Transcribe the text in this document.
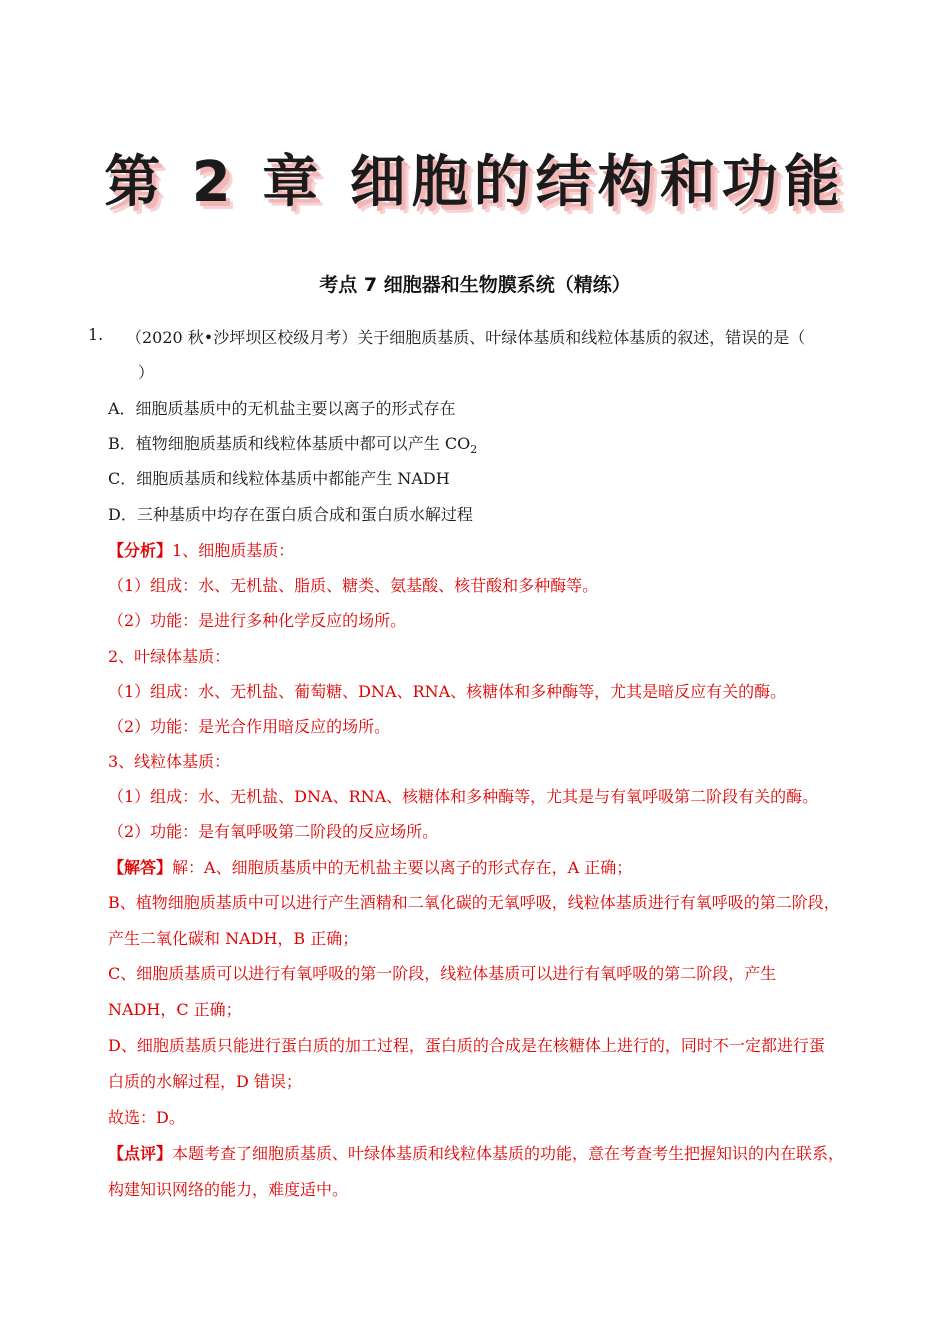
第 2 章 细胞的结构和功能
考点 7 细胞器和生物膜系统（精练）
1. （2020 秋•沙坪坝区校级月考）关于细胞质基质、叶绿体基质和线粒体基质的叙述，错误的是（
）
A．细胞质基质中的无机盐主要以离子的形式存在
B．植物细胞质基质和线粒体基质中都可以产生 $CO_2$
C．细胞质基质和线粒体基质中都能产生 NADH
D．三种基质中均存在蛋白质合成和蛋白质水解过程
【分析】1、细胞质基质：
（1）组成：水、无机盐、脂质、糖类、氨基酸、核苷酸和多种酶等。
（2）功能：是进行多种化学反应的场所。
2、叶绿体基质：
（1）组成：水、无机盐、葡萄糖、DNA、RNA、核糖体和多种酶等，尤其是暗反应有关的酶。
（2）功能：是光合作用暗反应的场所。
3、线粒体基质：
（1）组成：水、无机盐、DNA、RNA、核糖体和多种酶等，尤其是与有氧呼吸第二阶段有关的酶。
（2）功能：是有氧呼吸第二阶段的反应场所。
【解答】解：A、细胞质基质中的无机盐主要以离子的形式存在，A 正确；
B、植物细胞质基质中可以进行产生酒精和二氧化碳的无氧呼吸，线粒体基质进行有氧呼吸的第二阶段，
产生二氧化碳和 NADH，B 正确；
C、细胞质基质可以进行有氧呼吸的第一阶段，线粒体基质可以进行有氧呼吸的第二阶段，产生
NADH，C 正确；
D、细胞质基质只能进行蛋白质的加工过程，蛋白质的合成是在核糖体上进行的，同时不一定都进行蛋
白质的水解过程，D 错误；
故选：D。
【点评】本题考查了细胞质基质、叶绿体基质和线粒体基质的功能，意在考查考生把握知识的内在联系，
构建知识网络的能力，难度适中。
